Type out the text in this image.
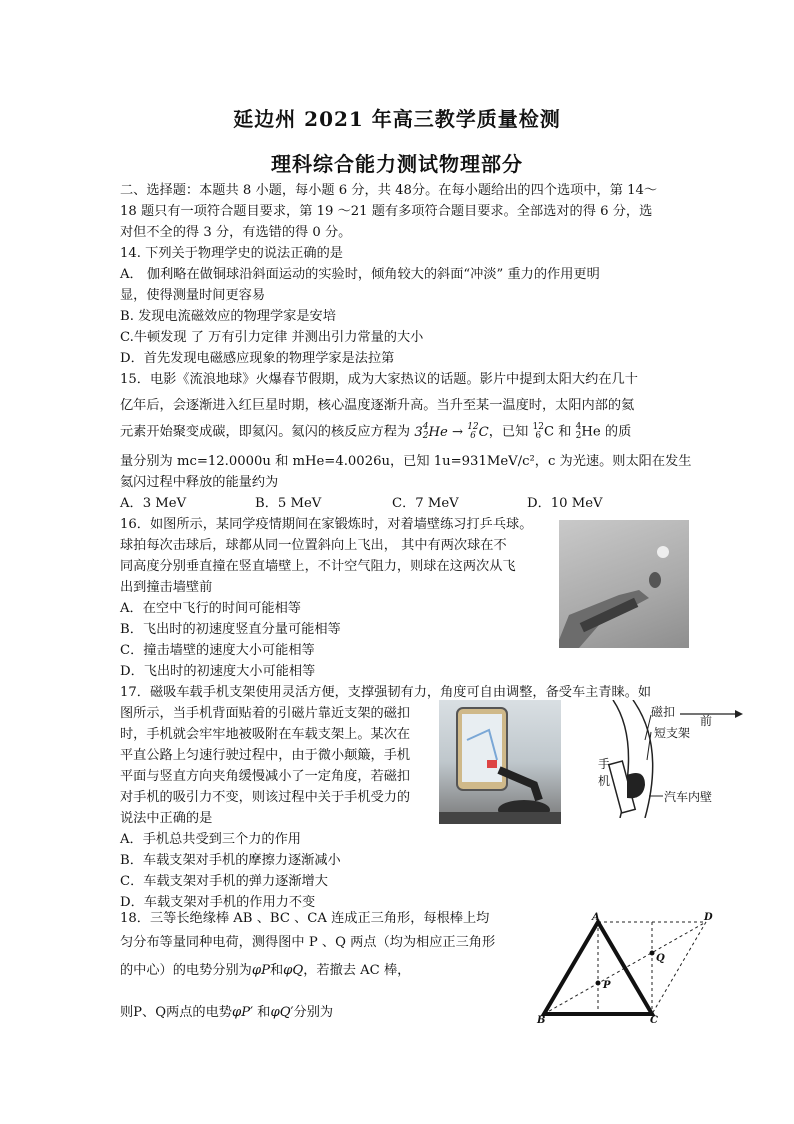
延边州 2021 年高三教学质量检测
理科综合能力测试物理部分
二、选择题：本题共 8 小题，每小题 6 分，共 48分。在每小题给出的四个选项中，第 14～
18 题只有一项符合题目要求，第 19 ～21 题有多项符合题目要求。全部选对的得 6 分，选
对但不全的得 3 分，有选错的得 0 分。
14. 下列关于物理学史的说法正确的是
A． 伽利略在做铜球沿斜面运动的实验时，倾角较大的斜面“冲淡” 重力的作用更明
显，使得测量时间更容易
B. 发现电流磁效应的物理学家是安培
C.牛顿发现 了 万有引力定律 并测出引力常量的大小
D．首先发现电磁感应现象的物理学家是法拉第
15．电影《流浪地球》火爆春节假期，成为大家热议的话题。影片中提到太阳大约在几十
亿年后，会逐渐进入红巨星时期，核心温度逐渐升高。当升至某一温度时，太阳内部的氦
元素开始聚变成碳，即氦闪。氦闪的核反应方程为 34
2He → 12
6 C，已知 12
6 C 和 4
2He 的质
量分别为 mc=12.0000u 和 mHe=4.0026u，已知 1u=931MeV/c²，c 为光速。则太阳在发生
氦闪过程中释放的能量约为
A．3 MeV	B．5 MeV	C．7 MeV	D．10 MeV
16．如图所示，某同学疫情期间在家锻炼时，对着墙壁练习打乒乓球。
球拍每次击球后，球都从同一位置斜向上飞出， 其中有两次球在不
同高度分别垂直撞在竖直墙壁上，不计空气阻力，则球在这两次从飞
出到撞击墙壁前
A．在空中飞行的时间可能相等
B．飞出时的初速度竖直分量可能相等
C．撞击墙壁的速度大小可能相等
D．飞出时的初速度大小可能相等
17．磁吸车载手机支架使用灵活方便，支撑强韧有力，角度可自由调整，备受车主青睐。如
图所示，当手机背面贴着的引磁片靠近支架的磁扣
时，手机就会牢牢地被吸附在车载支架上。某次在
平直公路上匀速行驶过程中，由于微小颠簸，手机
平面与竖直方向夹角缓慢减小了一定角度，若磁扣
对手机的吸引力不变，则该过程中关于手机受力的
说法中正确的是
A．手机总共受到三个力的作用
B．车载支架对手机的摩擦力逐渐减小
C．车载支架对手机的弹力逐渐增大
D．车载支架对手机的作用力不变
磁扣
前
短支架
手
机
汽车内壁
18．三等长绝缘棒 AB 、BC 、CA 连成正三角形，每根棒上均
匀分布等量同种电荷，测得图中 P 、Q 两点（均为相应正三角形
的中心）的电势分别为φP和φQ，若撤去 AC 棒，
则P、Q两点的电势φP′ 和φQ′分别为
A	D
B	C
P
Q
